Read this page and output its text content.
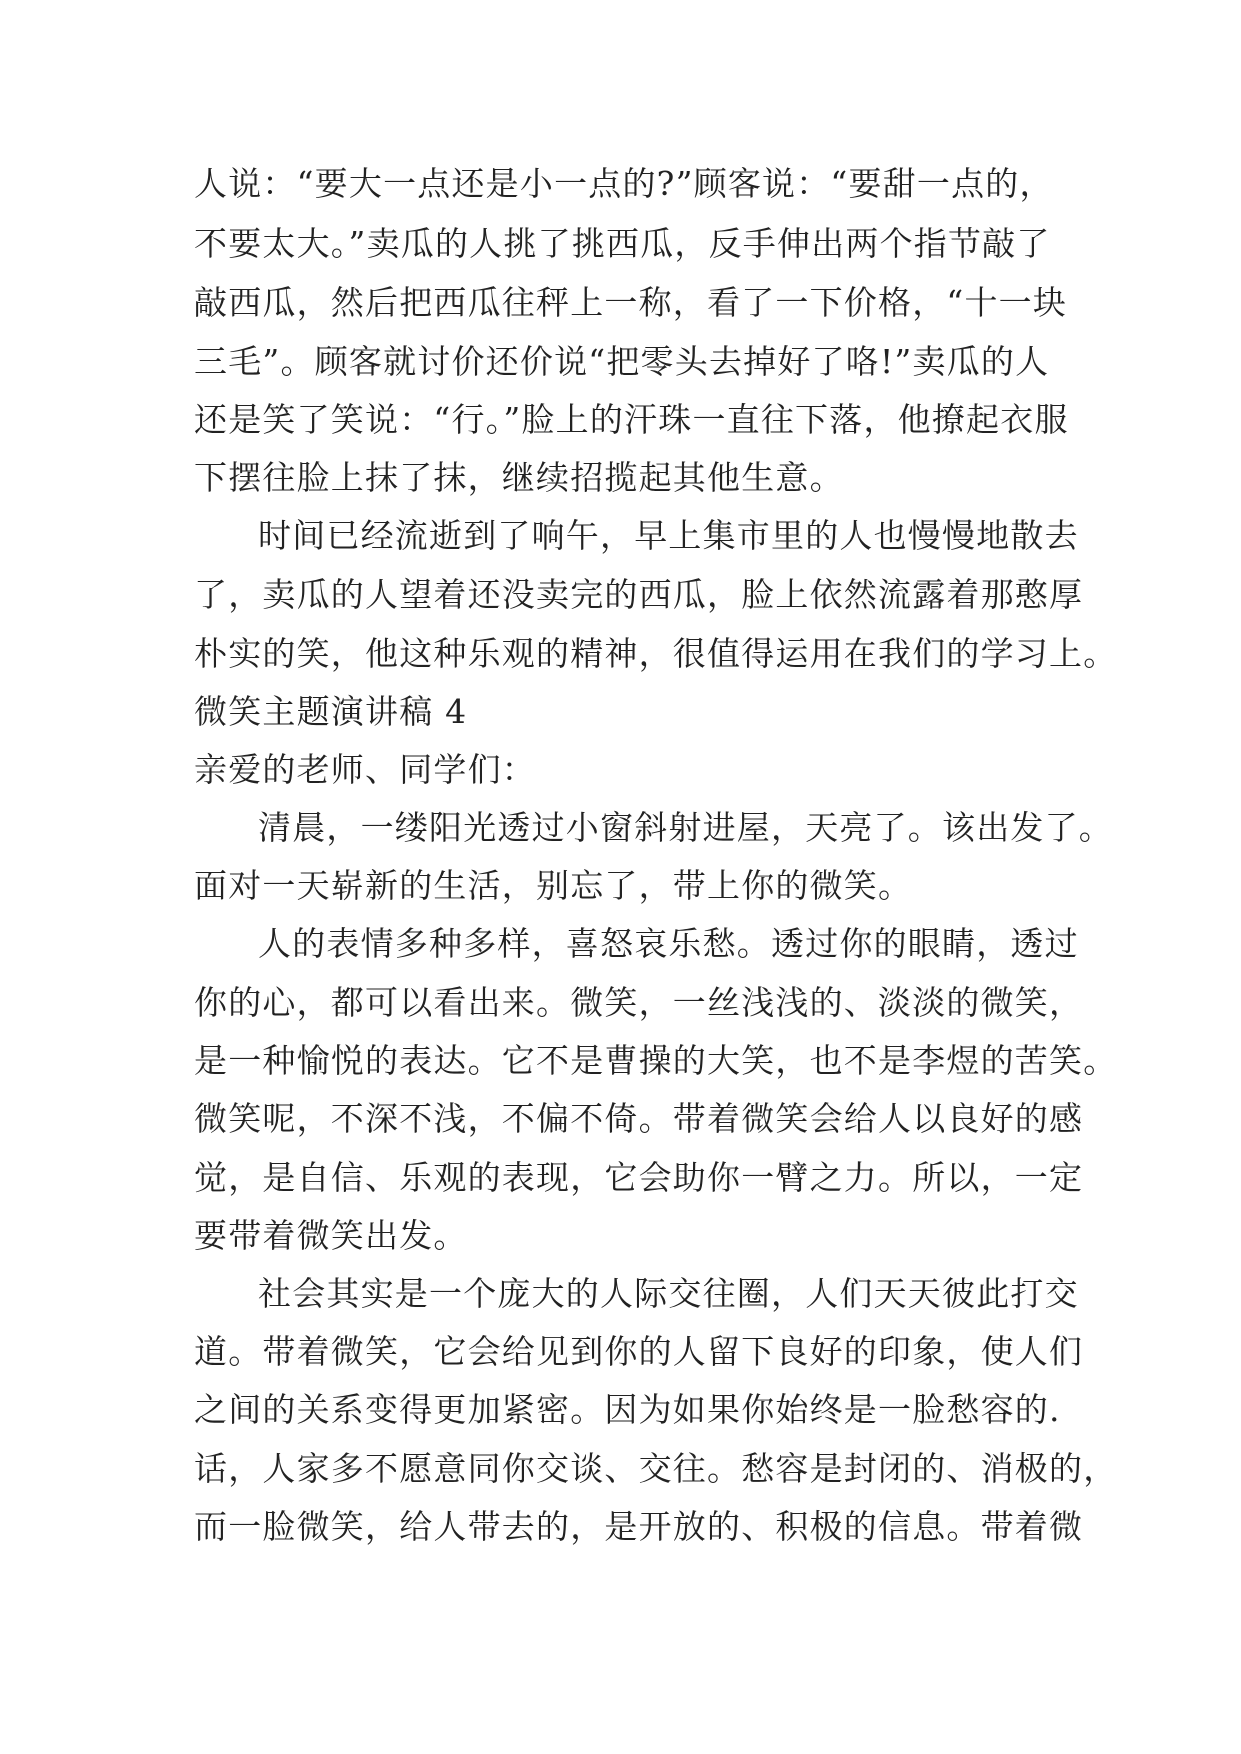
人说：“要大一点还是小一点的?”顾客说：“要甜一点的，
不要太大。”卖瓜的人挑了挑西瓜，反手伸出两个指节敲了
敲西瓜，然后把西瓜往秤上一称，看了一下价格，“十一块
三毛”。顾客就讨价还价说“把零头去掉好了咯!”卖瓜的人
还是笑了笑说：“行。”脸上的汗珠一直往下落，他撩起衣服
下摆往脸上抹了抹，继续招揽起其他生意。
时间已经流逝到了响午，早上集市里的人也慢慢地散去
了，卖瓜的人望着还没卖完的西瓜，脸上依然流露着那憨厚
朴实的笑，他这种乐观的精神，很值得运用在我们的学习上。
微笑主题演讲稿 4
亲爱的老师、同学们：
清晨，一缕阳光透过小窗斜射进屋，天亮了。该出发了。
面对一天崭新的生活，别忘了，带上你的微笑。
人的表情多种多样，喜怒哀乐愁。透过你的眼睛，透过
你的心，都可以看出来。微笑，一丝浅浅的、淡淡的微笑，
是一种愉悦的表达。它不是曹操的大笑，也不是李煜的苦笑。
微笑呢，不深不浅，不偏不倚。带着微笑会给人以良好的感
觉，是自信、乐观的表现，它会助你一臂之力。所以，一定
要带着微笑出发。
社会其实是一个庞大的人际交往圈，人们天天彼此打交
道。带着微笑，它会给见到你的人留下良好的印象，使人们
之间的关系变得更加紧密。因为如果你始终是一脸愁容的.
话，人家多不愿意同你交谈、交往。愁容是封闭的、消极的，
而一脸微笑，给人带去的，是开放的、积极的信息。带着微
